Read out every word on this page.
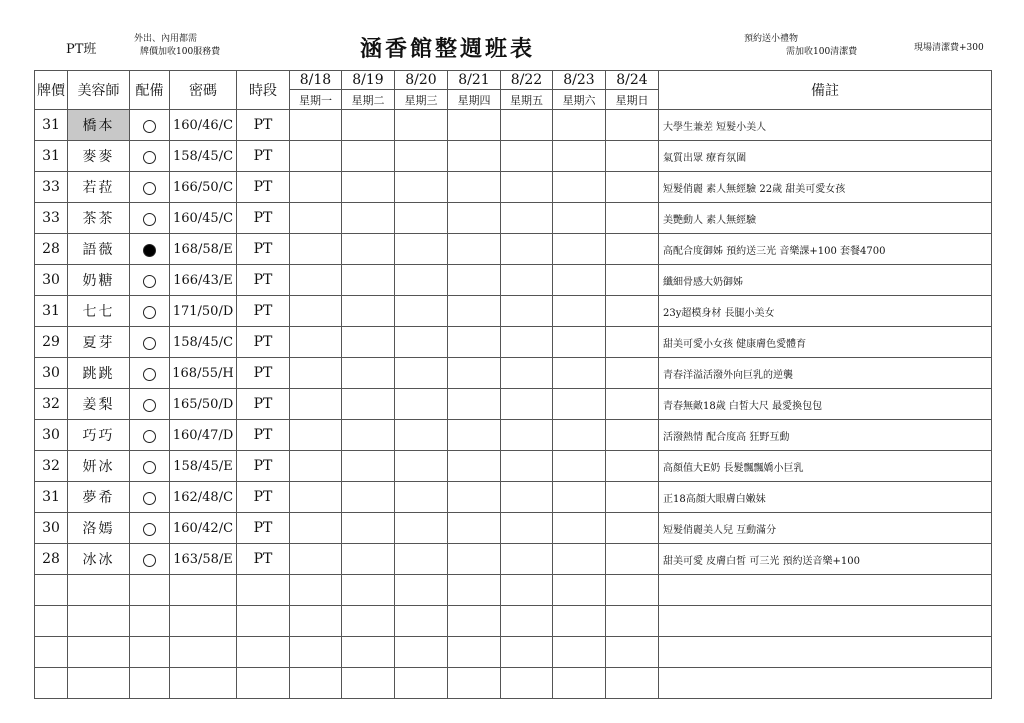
PT班
外出、內用都需
牌價加收100服務費	涵香館整週班表	預約送小禮物
需加收100清潔費	現場清潔費+300
牌價	美容師	配備	密碼	時段	8/18	8/19	8/20	8/21	8/22	8/23	8/24	備註
					星期一	星期二	星期三	星期四	星期五	星期六	星期日	
31	橋本		160/46/C	PT								大學生兼差 短髮小美人
31	麥麥		158/45/C	PT								氣質出眾 療育氛圍
33	若菈		166/50/C	PT								短髮俏麗 素人無經驗 22歲 甜美可愛女孩
33	茶茶		160/45/C	PT								美艷動人 素人無經驗
28	語薇		168/58/E	PT								高配合度御姊 預約送三光 音樂課+100 套餐4700
30	奶糖		166/43/E	PT								纖細骨感大奶御姊
31	七七		171/50/D	PT								23y超模身材 長腿小美女
29	夏芽		158/45/C	PT								甜美可愛小女孩 健康膚色愛體育
30	跳跳		168/55/H	PT								青春洋溢活潑外向巨乳的逆襲
32	姜梨		165/50/D	PT								青春無敵18歲 白皙大尺 最愛換包包
30	巧巧		160/47/D	PT								活潑熱情 配合度高 狂野互動
32	妍冰		158/45/E	PT								高顏值大E奶 長髮飄飄嬌小巨乳
31	夢希		162/48/C	PT								正18高顏大眼膚白嫩妹
30	洛嫣		160/42/C	PT								短髮俏麗美人兒 互動滿分
28	冰冰		163/58/E	PT								甜美可愛 皮膚白皙 可三光 預約送音樂+100
